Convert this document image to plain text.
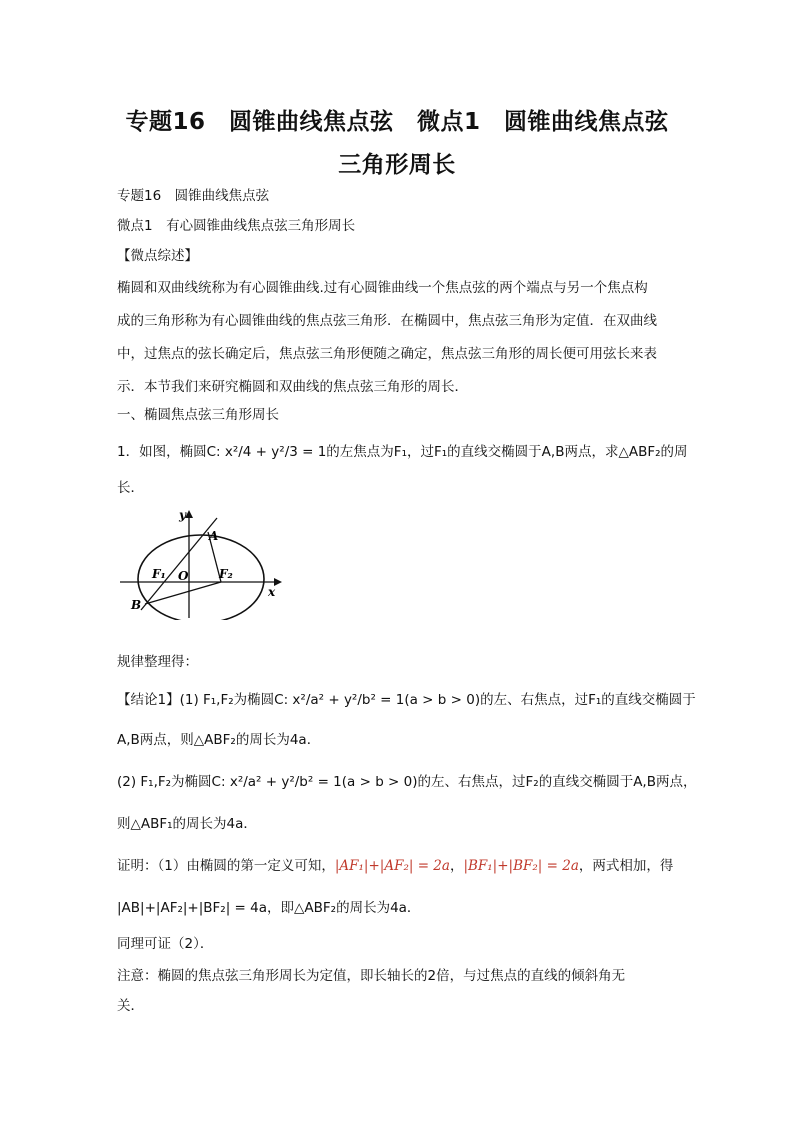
专题16　圆锥曲线焦点弦　微点1　圆锥曲线焦点弦
三角形周长
专题16　圆锥曲线焦点弦
微点1　有心圆锥曲线焦点弦三角形周长
【微点综述】
椭圆和双曲线统称为有心圆锥曲线.过有心圆锥曲线一个焦点弦的两个端点与另一个焦点构
成的三角形称为有心圆锥曲线的焦点弦三角形．在椭圆中，焦点弦三角形为定值．在双曲线
中，过焦点的弦长确定后，焦点弦三角形便随之确定，焦点弦三角形的周长便可用弦长来表
示．本节我们来研究椭圆和双曲线的焦点弦三角形的周长．
一、椭圆焦点弦三角形周长
1．如图，椭圆C: x²/4 + y²/3 = 1的左焦点为F₁，过F₁的直线交椭圆于A,B两点，求△ABF₂的周
长．
y
x
A
B
O
F₁	F₂
规律整理得：
【结论1】(1) F₁,F₂为椭圆C: x²/a² + y²/b² = 1(a > b > 0)的左、右焦点，过F₁的直线交椭圆于
A,B两点，则△ABF₂的周长为4a．
(2) F₁,F₂为椭圆C: x²/a² + y²/b² = 1(a > b > 0)的左、右焦点，过F₂的直线交椭圆于A,B两点，
则△ABF₁的周长为4a．
证明：（1）由椭圆的第一定义可知，|AF₁|+|AF₂| = 2a，|BF₁|+|BF₂| = 2a，两式相加，得
|AB|+|AF₂|+|BF₂| = 4a，即△ABF₂的周长为4a．
同理可证（2）．
注意：椭圆的焦点弦三角形周长为定值，即长轴长的2倍，与过焦点的直线的倾斜角无
关．
